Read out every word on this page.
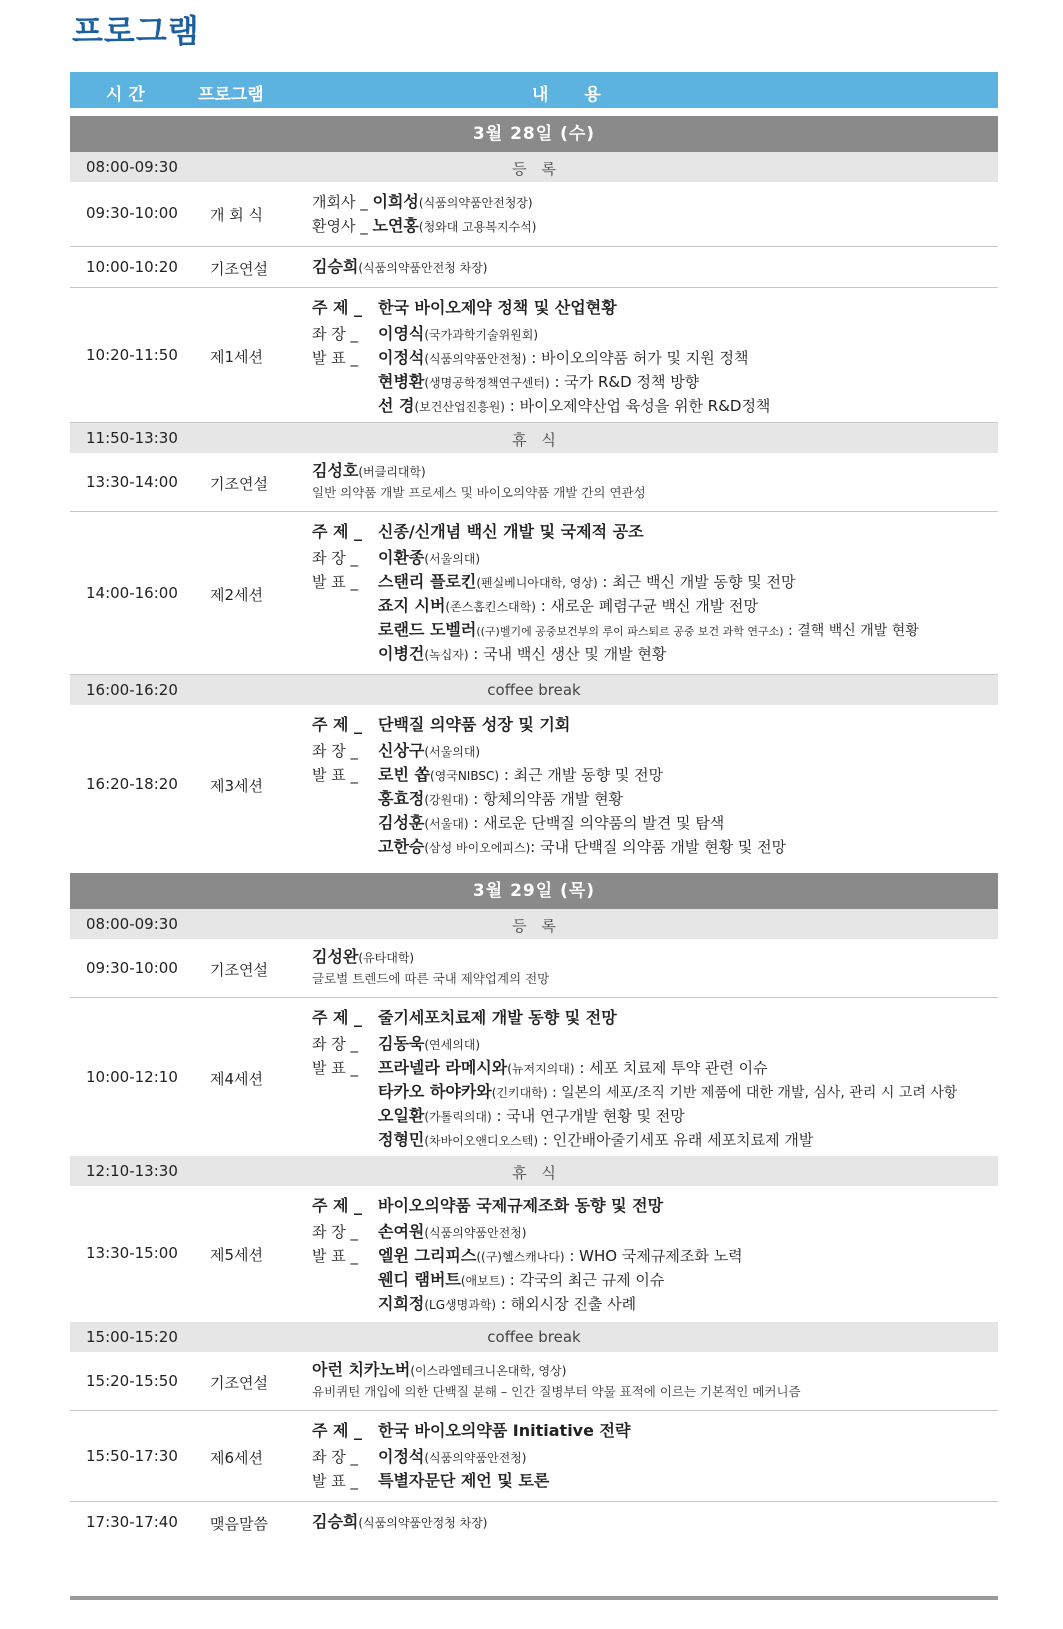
프로그램
시 간	프로그램	내 용
3월 28일 (수)
08:00-09:30	등 록
09:30-10:00 개 회 식
개회사 _ 이희성(식품의약품안전청장)
환영사 _ 노연홍(청와대 고용복지수석)
10:00-10:20 기조연설	김승희(식품의약품안전청 차장)
10:20-11:50 제1세션
주 제 _ 한국 바이오제약 정책 및 산업현황
좌 장 _ 이영식(국가과학기술위원회)
발 표 _ 이정석(식품의약품안전청) : 바이오의약품 허가 및 지원 정책
현병환(생명공학정책연구센터) : 국가 R&D 정책 방향
선 경(보건산업진흥원) : 바이오제약산업 육성을 위한 R&D정책
11:50-13:30	휴 식
13:30-14:00 기조연설
김성호(버클리대학)
일반 의약품 개발 프로세스 및 바이오의약품 개발 간의 연관성
14:00-16:00 제2세션
주 제 _ 신종/신개념 백신 개발 및 국제적 공조
좌 장 _ 이환종(서울의대)
발 표 _ 스탠리 플로킨(펜실베니아대학, 영상) : 최근 백신 개발 동향 및 전망
죠지 시버(존스홉킨스대학) : 새로운 폐렴구균 백신 개발 전망
로랜드 도벨러((구)벨기에 공중보건부의 루이 파스퇴르 공중 보건 과학 연구소) : 결핵 백신 개발 현황
이병건(녹십자) : 국내 백신 생산 및 개발 현황
16:00-16:20	coffee break
16:20-18:20 제3세션
주 제 _ 단백질 의약품 성장 및 기회
좌 장 _ 신상구(서울의대)
발 표 _ 로빈 쏩(영국NIBSC) : 최근 개발 동향 및 전망
홍효정(강원대) : 항체의약품 개발 현황
김성훈(서울대) : 새로운 단백질 의약품의 발견 및 탐색
고한승(삼성 바이오에피스): 국내 단백질 의약품 개발 현황 및 전망
3월 29일 (목)
08:00-09:30	등 록
09:30-10:00 기조연설
김성완(유타대학)
글로벌 트렌드에 따른 국내 제약업계의 전망
10:00-12:10 제4세션
주 제 _ 줄기세포치료제 개발 동향 및 전망
좌 장 _ 김동욱(연세의대)
발 표 _ 프라넬라 라메시와(뉴저지의대) : 세포 치료제 투약 관련 이슈
타카오 하야카와(긴키대학) : 일본의 세포/조직 기반 제품에 대한 개발, 심사, 관리 시 고려 사항
오일환(가톨릭의대) : 국내 연구개발 현황 및 전망
정형민(차바이오앤디오스텍) : 인간배아줄기세포 유래 세포치료제 개발
12:10-13:30	휴 식
13:30-15:00 제5세션
주 제 _ 바이오의약품 국제규제조화 동향 및 전망
좌 장 _ 손여원(식품의약품안전청)
발 표 _ 엘윈 그리피스((구)헬스캐나다) : WHO 국제규제조화 노력
웬디 램버트(애보트) : 각국의 최근 규제 이슈
지희정(LG생명과학) : 해외시장 진출 사례
15:00-15:20	coffee break
15:20-15:50 기조연설
아런 치카노버(이스라엘테크니온대학, 영상)
유비퀴틴 개입에 의한 단백질 분해 – 인간 질병부터 약물 표적에 이르는 기본적인 메커니즘
15:50-17:30 제6세션
주 제 _ 한국 바이오의약품 Initiative 전략
좌 장 _ 이정석(식품의약품안전청)
발 표 _ 특별자문단 제언 및 토론
17:30-17:40 맺음말씀	김승희(식품의약품안정청 차장)
